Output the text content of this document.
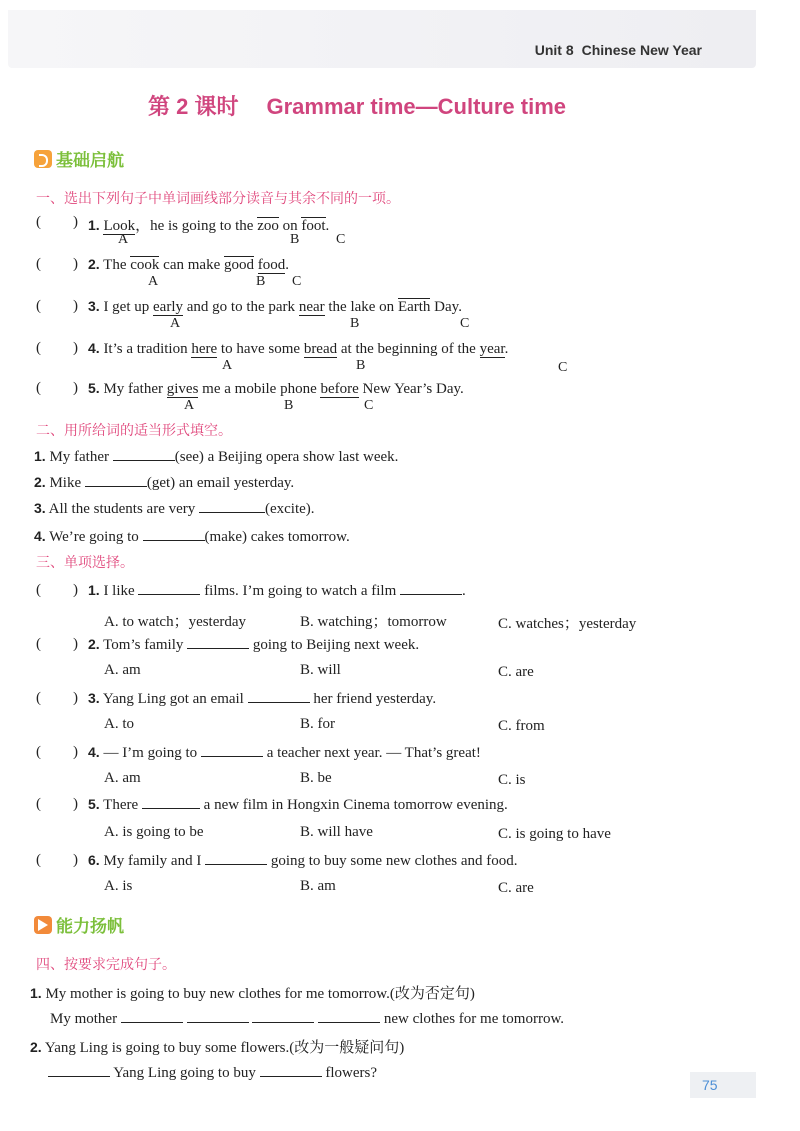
Unit 8 Chinese New Year
第 2 课时 Grammar time—Culture time
基础启航
一、选出下列句子中单词画线部分读音与其余不同的一项。
( ) 1. Look，he is going to the zoo on foot.
A	B	C
( ) 2. The cook can make good food.
A	B C
( ) 3. I get up early and go to the park near the lake on Earth Day.
A	B	C
( ) 4. It’s a tradition here to have some bread at the beginning of the year.
A	B	C
( ) 5. My father gives me a mobile phone before New Year’s Day.
A	B	C
二、用所给词的适当形式填空。
1. My father	(see) a Beijing opera show last week.
2. Mike	(get) an email yesterday.
3. All the students are very	(excite).
4. We’re going to	(make) cakes tomorrow.
三、单项选择。
( ) 1. I like	films. I’m going to watch a film	.
A. to watch；yesterday	B. watching；tomorrow	C. watches；yesterday
( ) 2. Tom’s family	going to Beijing next week.
A. am	B. will	C. are
( ) 3. Yang Ling got an email	her friend yesterday.
A. to	B. for	C. from
( ) 4. — I’m going to	a teacher next year. — That’s great!
A. am	B. be	C. is
( ) 5. There	a new film in Hongxin Cinema tomorrow evening.
A. is going to be	B. will have	C. is going to have
( ) 6. My family and I	going to buy some new clothes and food.
A. is	B. am	C. are
能力扬帆
四、按要求完成句子。
1. My mother is going to buy new clothes for me tomorrow.(改为否定句)
My mother	new clothes for me tomorrow.
2. Yang Ling is going to buy some flowers.(改为一般疑问句)
Yang Ling going to buy	flowers?
75
